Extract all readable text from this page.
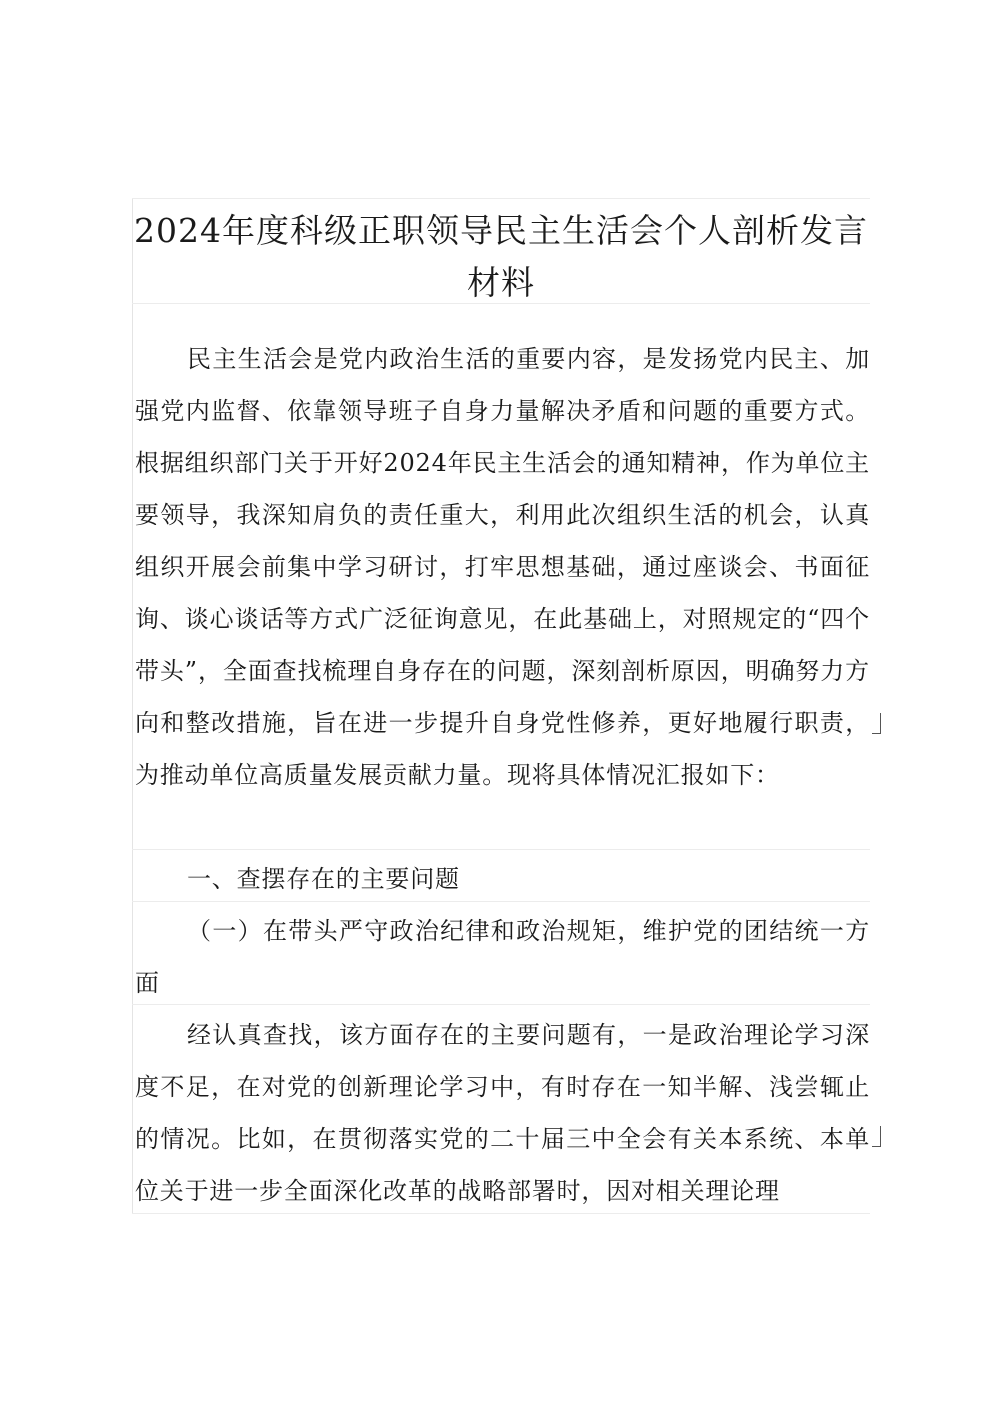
2024年度科级正职领导民主生活会个人剖析发言材料

民主生活会是党内政治生活的重要内容，是发扬党内民主、加强党内监督、依靠领导班子自身力量解决矛盾和问题的重要方式。根据组织部门关于开好2024年民主生活会的通知精神，作为单位主要领导，我深知肩负的责任重大，利用此次组织生活的机会，认真组织开展会前集中学习研讨，打牢思想基础，通过座谈会、书面征询、谈心谈话等方式广泛征询意见，在此基础上，对照规定的“四个带头”，全面查找梳理自身存在的问题，深刻剖析原因，明确努力方向和整改措施，旨在进一步提升自身党性修养，更好地履行职责，为推动单位高质量发展贡献力量。现将具体情况汇报如下：

一、查摆存在的主要问题

（一）在带头严守政治纪律和政治规矩，维护党的团结统一方面

经认真查找，该方面存在的主要问题有，一是政治理论学习深度不足，在对党的创新理论学习中，有时存在一知半解、浅尝辄止的情况。比如，在贯彻落实党的二十届三中全会有关本系统、本单位关于进一步全面深化改革的战略部署时，因对相关理论理
